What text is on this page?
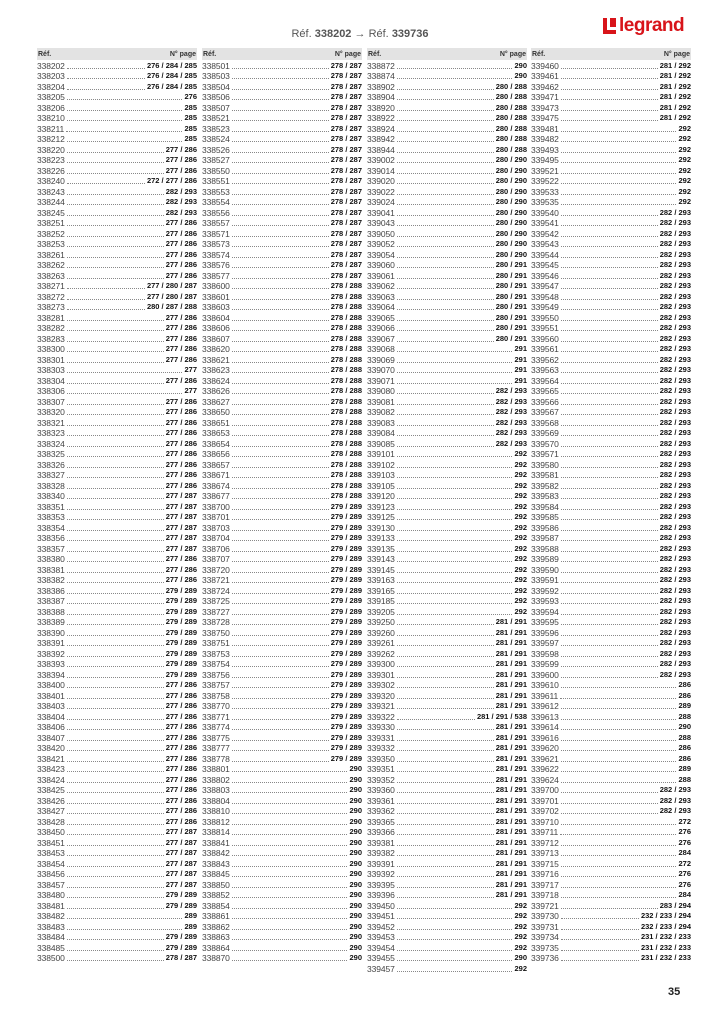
Réf. 338202 → Réf. 339736	legrand
Réf.	N° page
338202	276 / 284 / 285
338203	276 / 284 / 285
338204	276 / 284 / 285
338205	276
338206	285
338210	285
338211	285
338212	285
338220	277 / 286
338223	277 / 286
338226	277 / 286
338240	272 / 277 / 286
338243	282 / 293
338244	282 / 293
338245	282 / 293
338251	277 / 286
338252	277 / 286
338253	277 / 286
338261	277 / 286
338262	277 / 286
338263	277 / 286
338271	277 / 280 / 287
338272	277 / 280 / 287
338273	280 / 287 / 288
338281	277 / 286
338282	277 / 286
338283	277 / 286
338300	277 / 286
338301	277 / 286
338303	277
338304	277 / 286
338306	277
338307	277 / 286
338320	277 / 286
338321	277 / 286
338323	277 / 286
338324	277 / 286
338325	277 / 286
338326	277 / 286
338327	277 / 286
338328	277 / 286
338340	277 / 287
338351	277 / 287
338353	277 / 287
338354	277 / 287
338356	277 / 287
338357	277 / 287
338380	277 / 286
338381	277 / 286
338382	277 / 286
338386	279 / 289
338387	279 / 289
338388	279 / 289
338389	279 / 289
338390	279 / 289
338391	279 / 289
338392	279 / 289
338393	279 / 289
338394	279 / 289
338400	277 / 286
338401	277 / 286
338403	277 / 286
338404	277 / 286
338406	277 / 286
338407	277 / 286
338420	277 / 286
338421	277 / 286
338423	277 / 286
338424	277 / 286
338425	277 / 286
338426	277 / 286
338427	277 / 286
338428	277 / 286
338450	277 / 287
338451	277 / 287
338453	277 / 287
338454	277 / 287
338456	277 / 287
338457	277 / 287
338480	279 / 289
338481	279 / 289
338482	289
338483	289
338484	279 / 289
338485	279 / 289
338500	278 / 287
Réf.	N° page
338501	278 / 287
338503	278 / 287
338504	278 / 287
338506	278 / 287
338507	278 / 287
338521	278 / 287
338523	278 / 287
338524	278 / 287
338526	278 / 287
338527	278 / 287
338550	278 / 287
338551	278 / 287
338553	278 / 287
338554	278 / 287
338556	278 / 287
338557	278 / 287
338571	278 / 287
338573	278 / 287
338574	278 / 287
338576	278 / 287
338577	278 / 287
338600	278 / 288
338601	278 / 288
338603	278 / 288
338604	278 / 288
338606	278 / 288
338607	278 / 288
338620	278 / 288
338621	278 / 288
338623	278 / 288
338624	278 / 288
338626	278 / 288
338627	278 / 288
338650	278 / 288
338651	278 / 288
338653	278 / 288
338654	278 / 288
338656	278 / 288
338657	278 / 288
338671	278 / 288
338674	278 / 288
338677	278 / 288
338700	279 / 289
338701	279 / 289
338703	279 / 289
338704	279 / 289
338706	279 / 289
338707	279 / 289
338720	279 / 289
338721	279 / 289
338724	279 / 289
338725	279 / 289
338727	279 / 289
338728	279 / 289
338750	279 / 289
338751	279 / 289
338753	279 / 289
338754	279 / 289
338756	279 / 289
338757	279 / 289
338758	279 / 289
338770	279 / 289
338771	279 / 289
338774	279 / 289
338775	279 / 289
338777	279 / 289
338778	279 / 289
338801	290
338802	290
338803	290
338804	290
338810	290
338812	290
338814	290
338841	290
338842	290
338843	290
338845	290
338850	290
338852	290
338854	290
338861	290
338862	290
338863	290
338864	290
338870	290
Réf.	N° page
338872	290
338874	290
338902	280 / 288
338904	280 / 288
338920	280 / 288
338922	280 / 288
338924	280 / 288
338942	280 / 288
338944	280 / 288
339002	280 / 290
339014	280 / 290
339020	280 / 290
339022	280 / 290
339024	280 / 290
339041	280 / 290
339043	280 / 290
339050	280 / 290
339052	280 / 290
339054	280 / 290
339060	280 / 291
339061	280 / 291
339062	280 / 291
339063	280 / 291
339064	280 / 291
339065	280 / 291
339066	280 / 291
339067	280 / 291
339068	291
339069	291
339070	291
339071	291
339080	282 / 293
339081	282 / 293
339082	282 / 293
339083	282 / 293
339084	282 / 293
339085	282 / 293
339101	292
339102	292
339103	292
339105	292
339120	292
339123	292
339125	292
339130	292
339133	292
339135	292
339143	292
339145	292
339163	292
339165	292
339185	292
339205	292
339250	281 / 291
339260	281 / 291
339261	281 / 291
339262	281 / 291
339300	281 / 291
339301	281 / 291
339302	281 / 291
339320	281 / 291
339321	281 / 291
339322	281 / 291 / 538
339330	281 / 291
339331	281 / 291
339332	281 / 291
339350	281 / 291
339351	281 / 291
339352	281 / 291
339360	281 / 291
339361	281 / 291
339362	281 / 291
339365	281 / 291
339366	281 / 291
339381	281 / 291
339382	281 / 291
339391	281 / 291
339392	281 / 291
339395	281 / 291
339396	281 / 291
339450	292
339451	292
339452	292
339453	292
339454	292
339455	290
339457	292
Réf.	N° page
339460	281 / 292
339461	281 / 292
339462	281 / 292
339471	281 / 292
339473	281 / 292
339475	281 / 292
339481	292
339482	292
339493	292
339495	292
339521	292
339522	292
339533	292
339535	292
339540	282 / 293
339541	282 / 293
339542	282 / 293
339543	282 / 293
339544	282 / 293
339545	282 / 293
339546	282 / 293
339547	282 / 293
339548	282 / 293
339549	282 / 293
339550	282 / 293
339551	282 / 293
339560	282 / 293
339561	282 / 293
339562	282 / 293
339563	282 / 293
339564	282 / 293
339565	282 / 293
339566	282 / 293
339567	282 / 293
339568	282 / 293
339569	282 / 293
339570	282 / 293
339571	282 / 293
339580	282 / 293
339581	282 / 293
339582	282 / 293
339583	282 / 293
339584	282 / 293
339585	282 / 293
339586	282 / 293
339587	282 / 293
339588	282 / 293
339589	282 / 293
339590	282 / 293
339591	282 / 293
339592	282 / 293
339593	282 / 293
339594	282 / 293
339595	282 / 293
339596	282 / 293
339597	282 / 293
339598	282 / 293
339599	282 / 293
339600	282 / 293
339610	286
339611	286
339612	289
339613	288
339614	290
339616	288
339620	286
339621	286
339622	289
339624	288
339700	282 / 293
339701	282 / 293
339702	282 / 293
339710	272
339711	276
339712	276
339713	284
339715	272
339716	276
339717	276
339718	284
339721	283 / 294
339730	232 / 233 / 294
339731	232 / 233 / 294
339734	231 / 232 / 233
339735	231 / 232 / 233
339736	231 / 232 / 233
35
